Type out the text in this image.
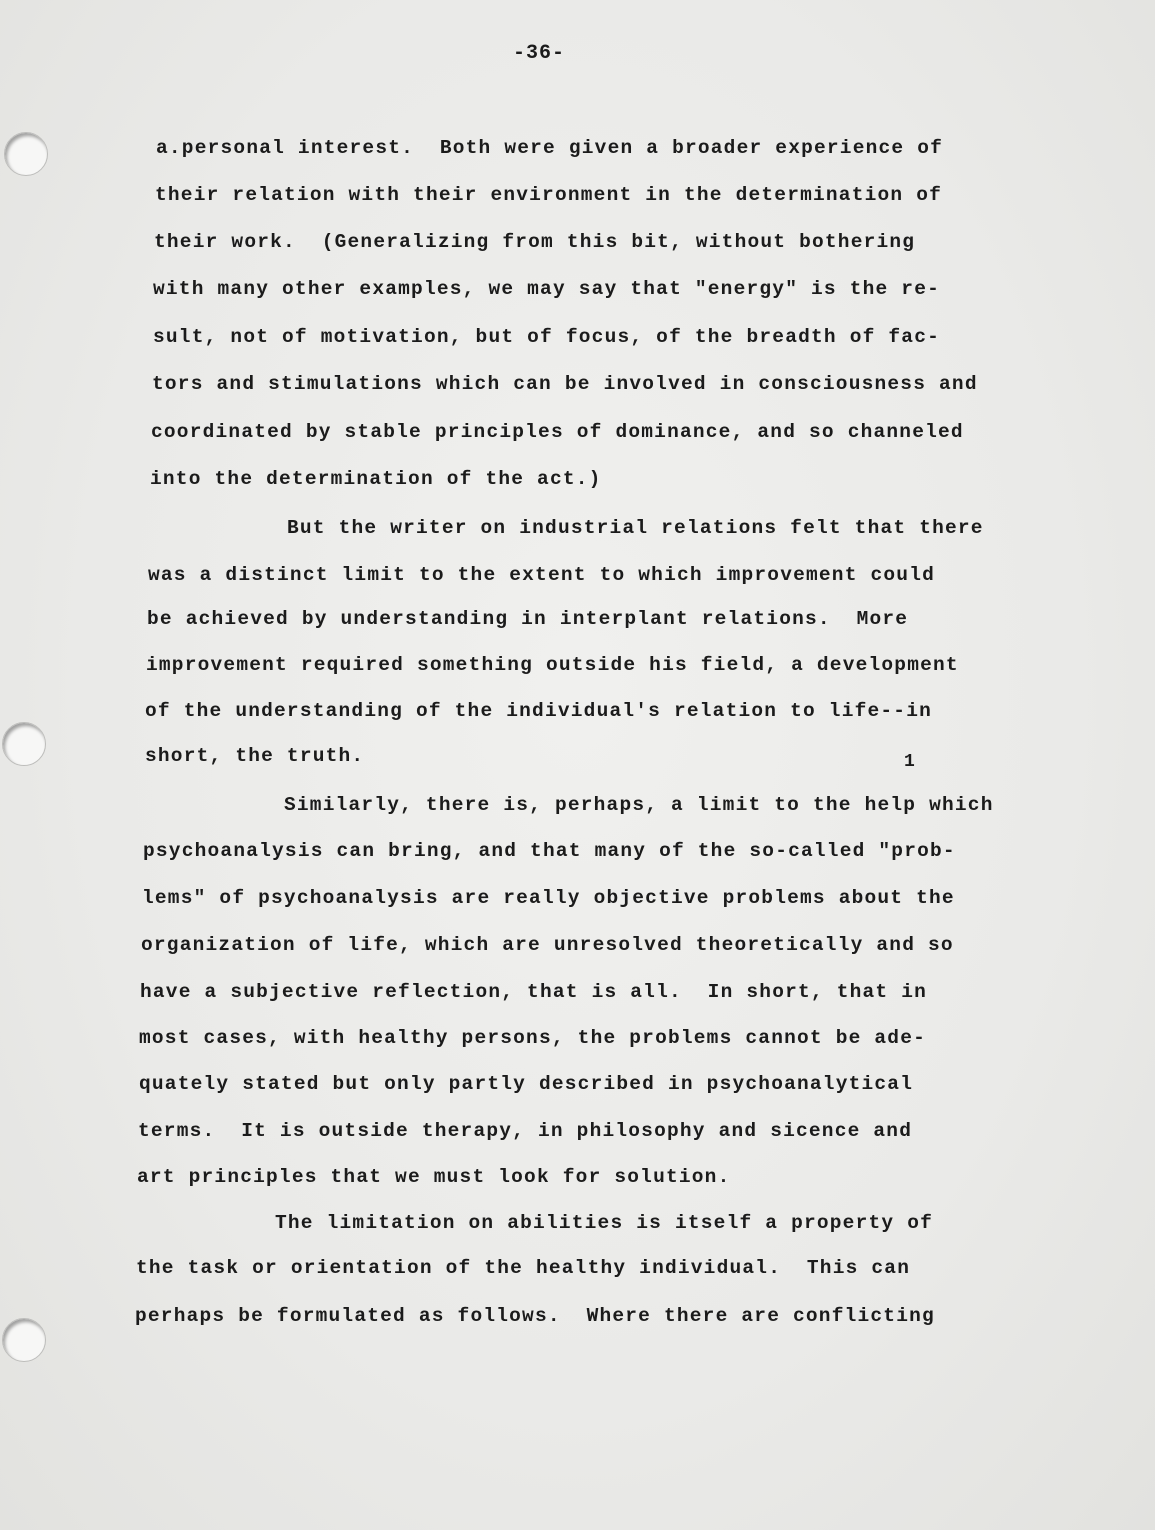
-36-
a.personal interest.  Both were given a broader experience of
their relation with their environment in the determination of
their work.  (Generalizing from this bit, without bothering
with many other examples, we may say that "energy" is the re-
sult, not of motivation, but of focus, of the breadth of fac-
tors and stimulations which can be involved in consciousness and
coordinated by stable principles of dominance, and so channeled
into the determination of the act.)
But the writer on industrial relations felt that there
was a distinct limit to the extent to which improvement could
be achieved by understanding in interplant relations.  More
improvement required something outside his field, a development
of the understanding of the individual's relation to life--in
short, the truth.	1
Similarly, there is, perhaps, a limit to the help which
psychoanalysis can bring, and that many of the so-called "prob-
lems" of psychoanalysis are really objective problems about the
organization of life, which are unresolved theoretically and so
have a subjective reflection, that is all.  In short, that in
most cases, with healthy persons, the problems cannot be ade-
quately stated but only partly described in psychoanalytical
terms.  It is outside therapy, in philosophy and sicence and
art principles that we must look for solution.
The limitation on abilities is itself a property of
the task or orientation of the healthy individual.  This can
perhaps be formulated as follows.  Where there are conflicting
